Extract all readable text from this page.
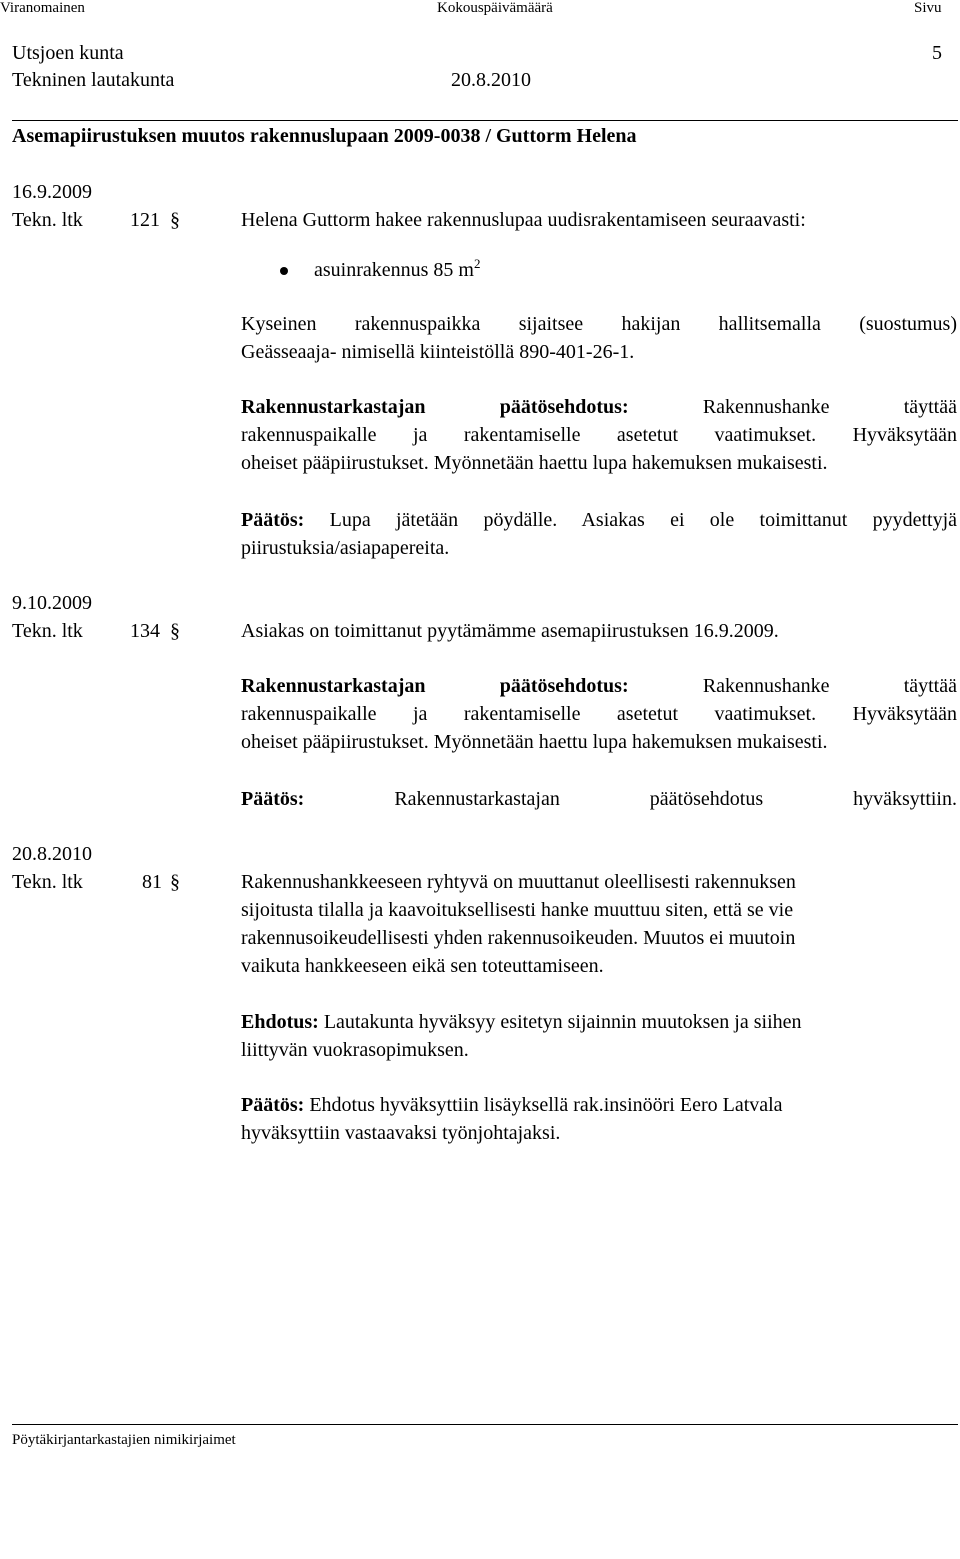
Viranomainen	Kokouspäivämäärä	Sivu
Utsjoen kunta	5
Tekninen lautakunta	20.8.2010
Asemapiirustuksen muutos rakennuslupaan 2009-0038 / Guttorm Helena
16.9.2009
Tekn. ltk 121 §	Helena Guttorm hakee rakennuslupaa uudisrakentamiseen seuraavasti:
asuinrakennus 85 $m^2$
Kyseinen rakennuspaikka sijaitsee hakijan hallitsemalla (suostumus)
Geässeaaja- nimisellä kiinteistöllä 890-401-26-1.
Rakennustarkastajan päätösehdotus: Rakennushanke täyttää
rakennuspaikalle ja rakentamiselle asetetut vaatimukset. Hyväksytään
oheiset pääpiirustukset. Myönnetään haettu lupa hakemuksen mukaisesti.
Päätös: Lupa jätetään pöydälle. Asiakas ei ole toimittanut pyydettyjä
piirustuksia/asiapapereita.
9.10.2009
Tekn. ltk 134 §	Asiakas on toimittanut pyytämämme asemapiirustuksen 16.9.2009.
Rakennustarkastajan päätösehdotus: Rakennushanke täyttää
rakennuspaikalle ja rakentamiselle asetetut vaatimukset. Hyväksytään
oheiset pääpiirustukset. Myönnetään haettu lupa hakemuksen mukaisesti.
Päätös: Rakennustarkastajan päätösehdotus hyväksyttiin.
20.8.2010
Tekn. ltk	81 §	Rakennushankkeeseen ryhtyvä on muuttanut oleellisesti rakennuksen
sijoitusta tilalla ja kaavoituksellisesti hanke muuttuu siten, että se vie
rakennusoikeudellisesti yhden rakennusoikeuden. Muutos ei muutoin
vaikuta hankkeeseen eikä sen toteuttamiseen.
Ehdotus: Lautakunta hyväksyy esitetyn sijainnin muutoksen ja siihen
liittyvän vuokrasopimuksen.
Päätös: Ehdotus hyväksyttiin lisäyksellä rak.insinööri Eero Latvala
hyväksyttiin vastaavaksi työnjohtajaksi.
Pöytäkirjantarkastajien nimikirjaimet
